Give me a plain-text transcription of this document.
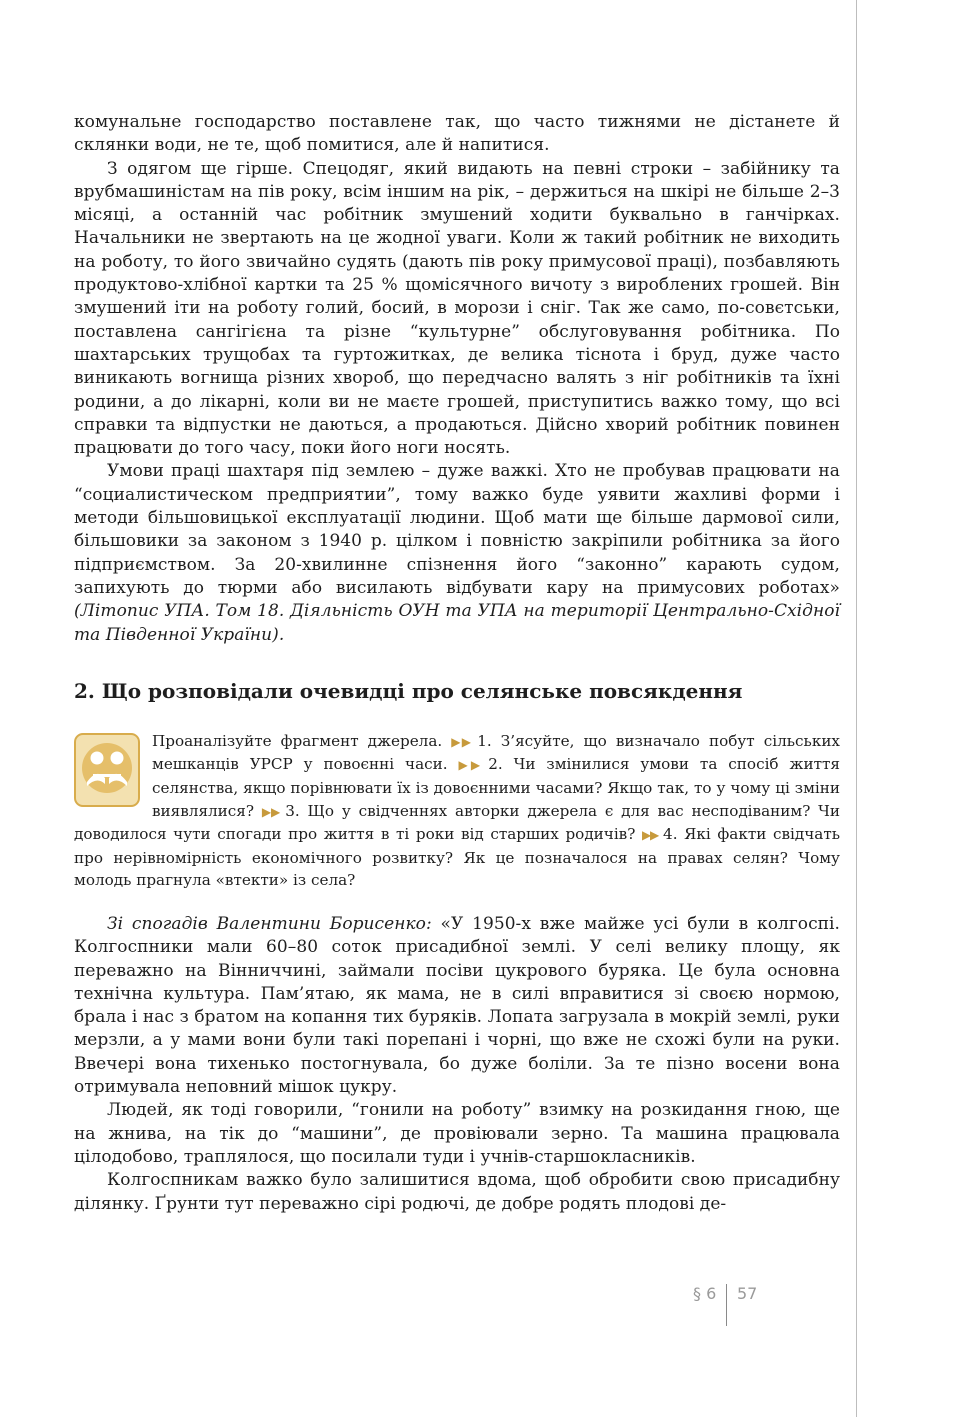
комунальне господарство поставлене так, що часто тижнями не дістанете й склянки води, не те, щоб помитися, але й напитися.

З одягом ще гірше. Спецодяг, який видають на певні строки – забійнику та врубмашиністам на пів року, всім іншим на рік, – держиться на шкірі не більше 2–3 місяці, а останній час робітник змушений ходити буквально в ганчірках. Начальники не звертають на це жодної уваги. Коли ж такий робітник не виходить на роботу, то його звичайно судять (дають пів року примусової праці), позбавляють продуктово-хлібної картки та 25 % щомісячного вичоту з вироблених грошей. Він змушений іти на роботу голий, босий, в морози і сніг. Так же само, по-совєтськи, поставлена сангігієна та різне “культурне” обслуговування робітника. По шахтарських трущобах та гуртожитках, де велика тіснота і бруд, дуже часто виникають вогнища різних хвороб, що передчасно валять з ніг робітників та їхні родини, а до лікарні, коли ви не маєте грошей, приступитись важко тому, що всі справки та відпустки не даються, а продаються. Дійсно хворий робітник повинен працювати до того часу, поки його ноги носять.

Умови праці шахтаря під землею – дуже важкі. Хто не пробував працювати на “социалистическом предприятии”, тому важко буде уявити жахливі форми і методи більшовицької експлуатації людини. Щоб мати ще більше дармової сили, більшовики за законом з 1940 р. цілком і повністю закріпили робітника за його підприємством. За 20-хвилинне спізнення його “законно” карають судом, запихують до тюрми або висилають відбувати кару на примусових роботах» (Літопис УПА. Том 18. Діяльність ОУН та УПА на території Центрально-Східної та Південної України).

2. Що розповідали очевидці про селянське повсякдення

Проаналізуйте фрагмент джерела. ▶▶ 1. З’ясуйте, що визначало побут сільських мешканців УРСР у повоєнні часи. ▶▶ 2. Чи змінилися умови та спосіб життя селянства, якщо порівнювати їх із довоєнними часами? Якщо так, то у чому ці зміни виявлялися? ▶▶ 3. Що у свідченнях авторки джерела є для вас несподіваним? Чи доводилося чути спогади про життя в ті роки від старших родичів? ▶▶ 4. Які факти свідчать про нерівномірність економічного розвитку? Як це позначалося на правах селян? Чому молодь прагнула «втекти» із села?

Зі спогадів Валентини Борисенко: «У 1950-х вже майже усі були в колгоспі. Колгоспники мали 60–80 соток присадибної землі. У селі велику площу, як переважно на Вінниччині, займали посіви цукрового буряка. Це була основна технічна культура. Пам’ятаю, як мама, не в силі вправитися зі своєю нормою, брала і нас з братом на копання тих буряків. Лопата загрузала в мокрій землі, руки мерзли, а у мами вони були такі порепані і чорні, що вже не схожі були на руки. Ввечері вона тихенько постогнувала, бо дуже боліли. За те пізно восени вона отримувала неповний мішок цукру.

Людей, як тоді говорили, “гонили на роботу” взимку на розкидання гною, ще на жнива, на тік до “машини”, де провіювали зерно. Та машина працювала цілодобово, траплялося, що посилали туди і учнів-старшокласників.

Колгоспникам важко було залишитися вдома, щоб обробити свою присадибну ділянку. Ґрунти тут переважно сірі родючі, де добре родять плодові де-

§ 6 57
